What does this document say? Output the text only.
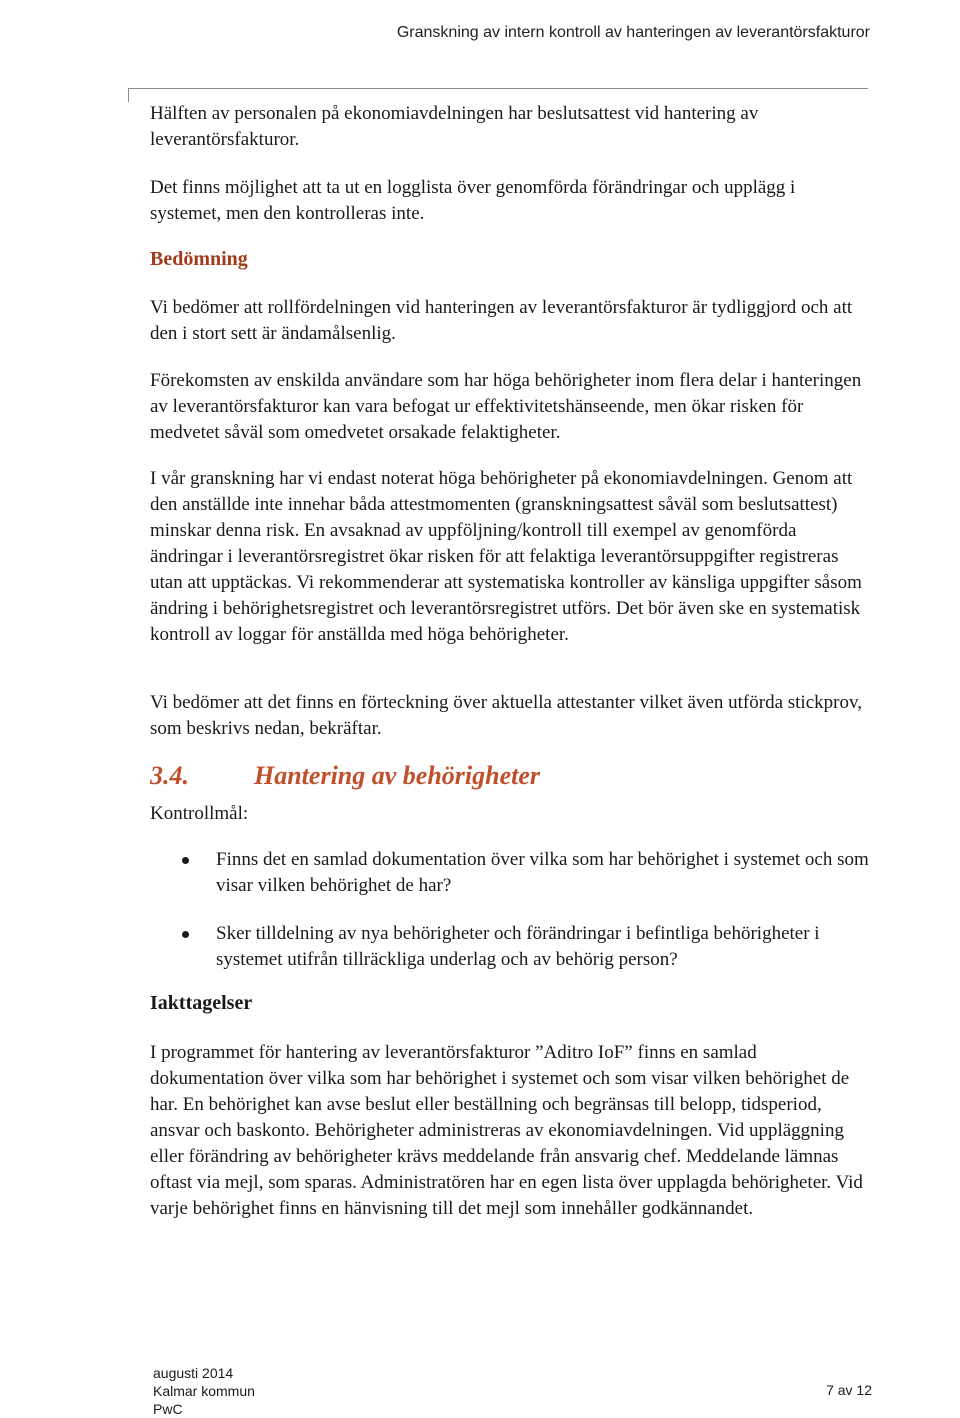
Granskning av intern kontroll av hanteringen av leverantörsfakturor

Hälften av personalen på ekonomiavdelningen har beslutsattest vid hantering av leverantörsfakturor.

Det finns möjlighet att ta ut en logglista över genomförda förändringar och upplägg i systemet, men den kontrolleras inte.

Bedömning

Vi bedömer att rollfördelningen vid hanteringen av leverantörsfakturor är tydliggjord och att den i stort sett är ändamålsenlig.

Förekomsten av enskilda användare som har höga behörigheter inom flera delar i hanteringen av leverantörsfakturor kan vara befogat ur effektivitetshänseende, men ökar risken för medvetet såväl som omedvetet orsakade felaktigheter.

I vår granskning har vi endast noterat höga behörigheter på ekonomiavdelningen. Genom att den anställde inte innehar båda attestmomenten (granskningsattest såväl som beslutsattest) minskar denna risk. En avsaknad av uppföljning/kontroll till exempel av genomförda ändringar i leverantörsregistret ökar risken för att felaktiga leverantörsuppgifter registreras utan att upptäckas. Vi rekommenderar att systematiska kontroller av känsliga uppgifter såsom ändring i behörighetsregistret och leverantörsregistret utförs. Det bör även ske en systematisk kontroll av loggar för anställda med höga behörigheter.

Vi bedömer att det finns en förteckning över aktuella attestanter vilket även utförda stickprov, som beskrivs nedan, bekräftar.

3.4.	Hantering av behörigheter

Kontrollmål:

Finns det en samlad dokumentation över vilka som har behörighet i systemet och som visar vilken behörighet de har?
Sker tilldelning av nya behörigheter och förändringar i befintliga behörigheter i systemet utifrån tillräckliga underlag och av behörig person?
Iakttagelser

I programmet för hantering av leverantörsfakturor ”Aditro IoF” finns en samlad dokumentation över vilka som har behörighet i systemet och som visar vilken behörighet de har. En behörighet kan avse beslut eller beställning och begränsas till belopp, tidsperiod, ansvar och baskonto. Behörigheter administreras av ekonomiavdelningen. Vid uppläggning eller förändring av behörigheter krävs meddelande från ansvarig chef. Meddelande lämnas oftast via mejl, som sparas. Administratören har en egen lista över upplagda behörigheter. Vid varje behörighet finns en hänvisning till det mejl som innehåller godkännandet.

augusti 2014
Kalmar kommun
PwC
7 av 12
